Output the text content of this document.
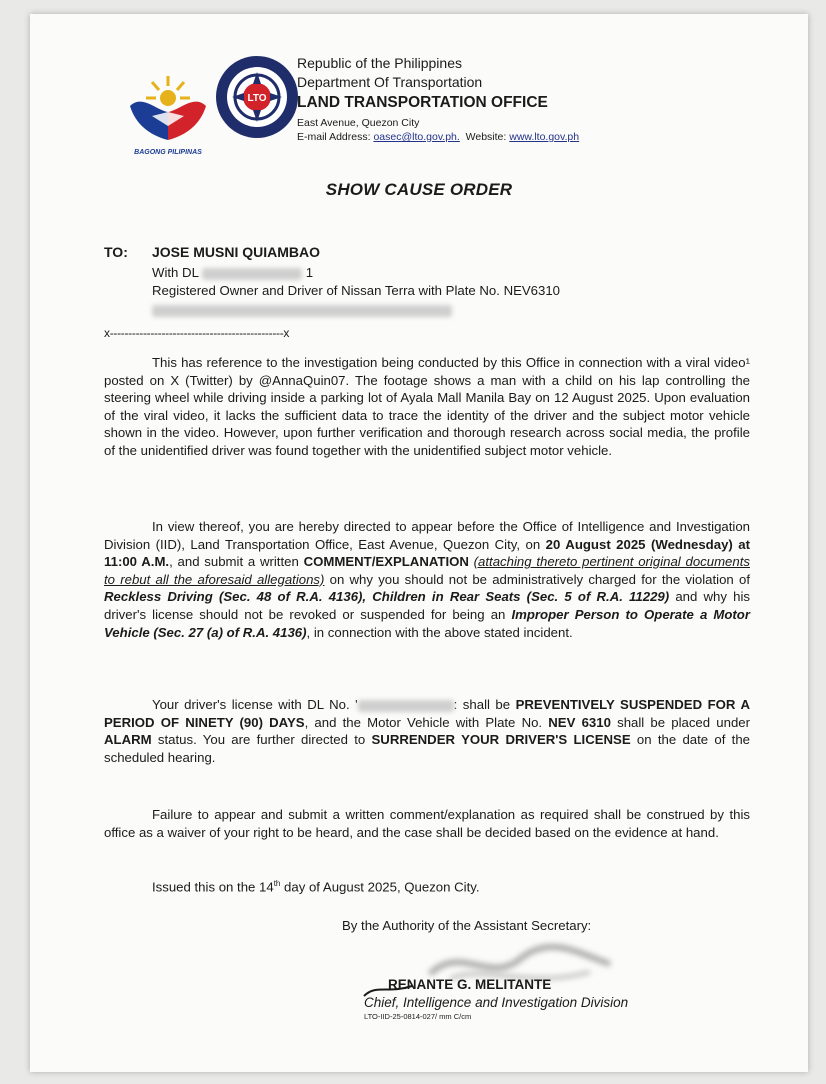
BAGONG PILIPINAS
LTO
Republic of the Philippines
Department Of Transportation
LAND TRANSPORTATION OFFICE
East Avenue, Quezon City
E-mail Address: oasec@lto.gov.ph. Website: www.lto.gov.ph
SHOW CAUSE ORDER
TO: JOSE MUSNI QUIAMBAO
With DL	1
Registered Owner and Driver of Nissan Terra with Plate No. NEV6310
x-----------------------------------------------x
This has reference to the investigation being conducted by this Office in connection with a viral video¹ posted on X (Twitter) by @AnnaQuin07. The footage shows a man with a child on his lap controlling the steering wheel while driving inside a parking lot of Ayala Mall Manila Bay on 12 August 2025. Upon evaluation of the viral video, it lacks the sufficient data to trace the identity of the driver and the subject motor vehicle shown in the video. However, upon further verification and thorough research across social media, the profile of the unidentified driver was found together with the unidentified subject motor vehicle.
In view thereof, you are hereby directed to appear before the Office of Intelligence and Investigation Division (IID), Land Transportation Office, East Avenue, Quezon City, on 20 August 2025 (Wednesday) at 11:00 A.M., and submit a written COMMENT/EXPLANATION (attaching thereto pertinent original documents to rebut all the aforesaid allegations) on why you should not be administratively charged for the violation of Reckless Driving (Sec. 48 of R.A. 4136), Children in Rear Seats (Sec. 5 of R.A. 11229) and why his driver's license should not be revoked or suspended for being an Improper Person to Operate a Motor Vehicle (Sec. 27 (a) of R.A. 4136), in connection with the above stated incident.
Your driver's license with DL No. '	: shall be PREVENTIVELY SUSPENDED FOR A PERIOD OF NINETY (90) DAYS, and the Motor Vehicle with Plate No. NEV 6310 shall be placed under ALARM status. You are further directed to SURRENDER YOUR DRIVER'S LICENSE on the date of the scheduled hearing.
Failure to appear and submit a written comment/explanation as required shall be construed by this office as a waiver of your right to be heard, and the case shall be decided based on the evidence at hand.
Issued this on the 14th day of August 2025, Quezon City.
By the Authority of the Assistant Secretary:
RENANTE G. MELITANTE
Chief, Intelligence and Investigation Division
LTO-IID-25-0814-027/ mm C/cm
